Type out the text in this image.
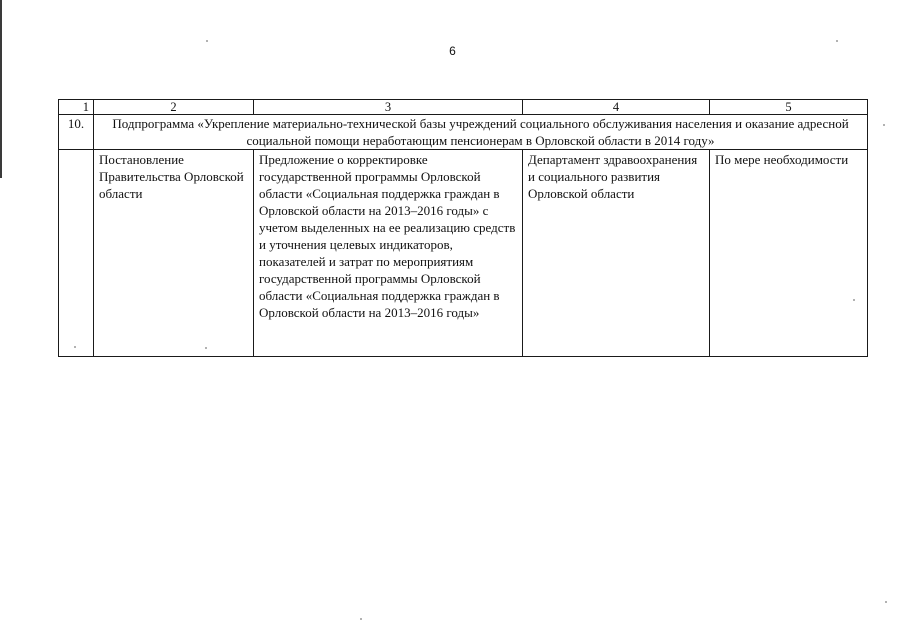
6
1	2	3	4	5
10.	Подпрограмма «Укрепление материально-технической базы учреждений социального обслуживания населения и оказание адресной социальной помощи неработающим пенсионерам в Орловской области в 2014 году»			
	Постановление Правительства Орловской области	Предложение о корректировке государственной программы Орловской области «Социальная поддержка граждан в Орловской области на 2013–2016 годы» с учетом выделенных на ее реализацию средств и уточнения целевых индикаторов, показателей и затрат по мероприятиям государственной программы Орловской области «Социальная поддержка граждан в Орловской области на 2013–2016 годы»	Департамент здравоохранения и социального развития Орловской области	По мере необходимости
